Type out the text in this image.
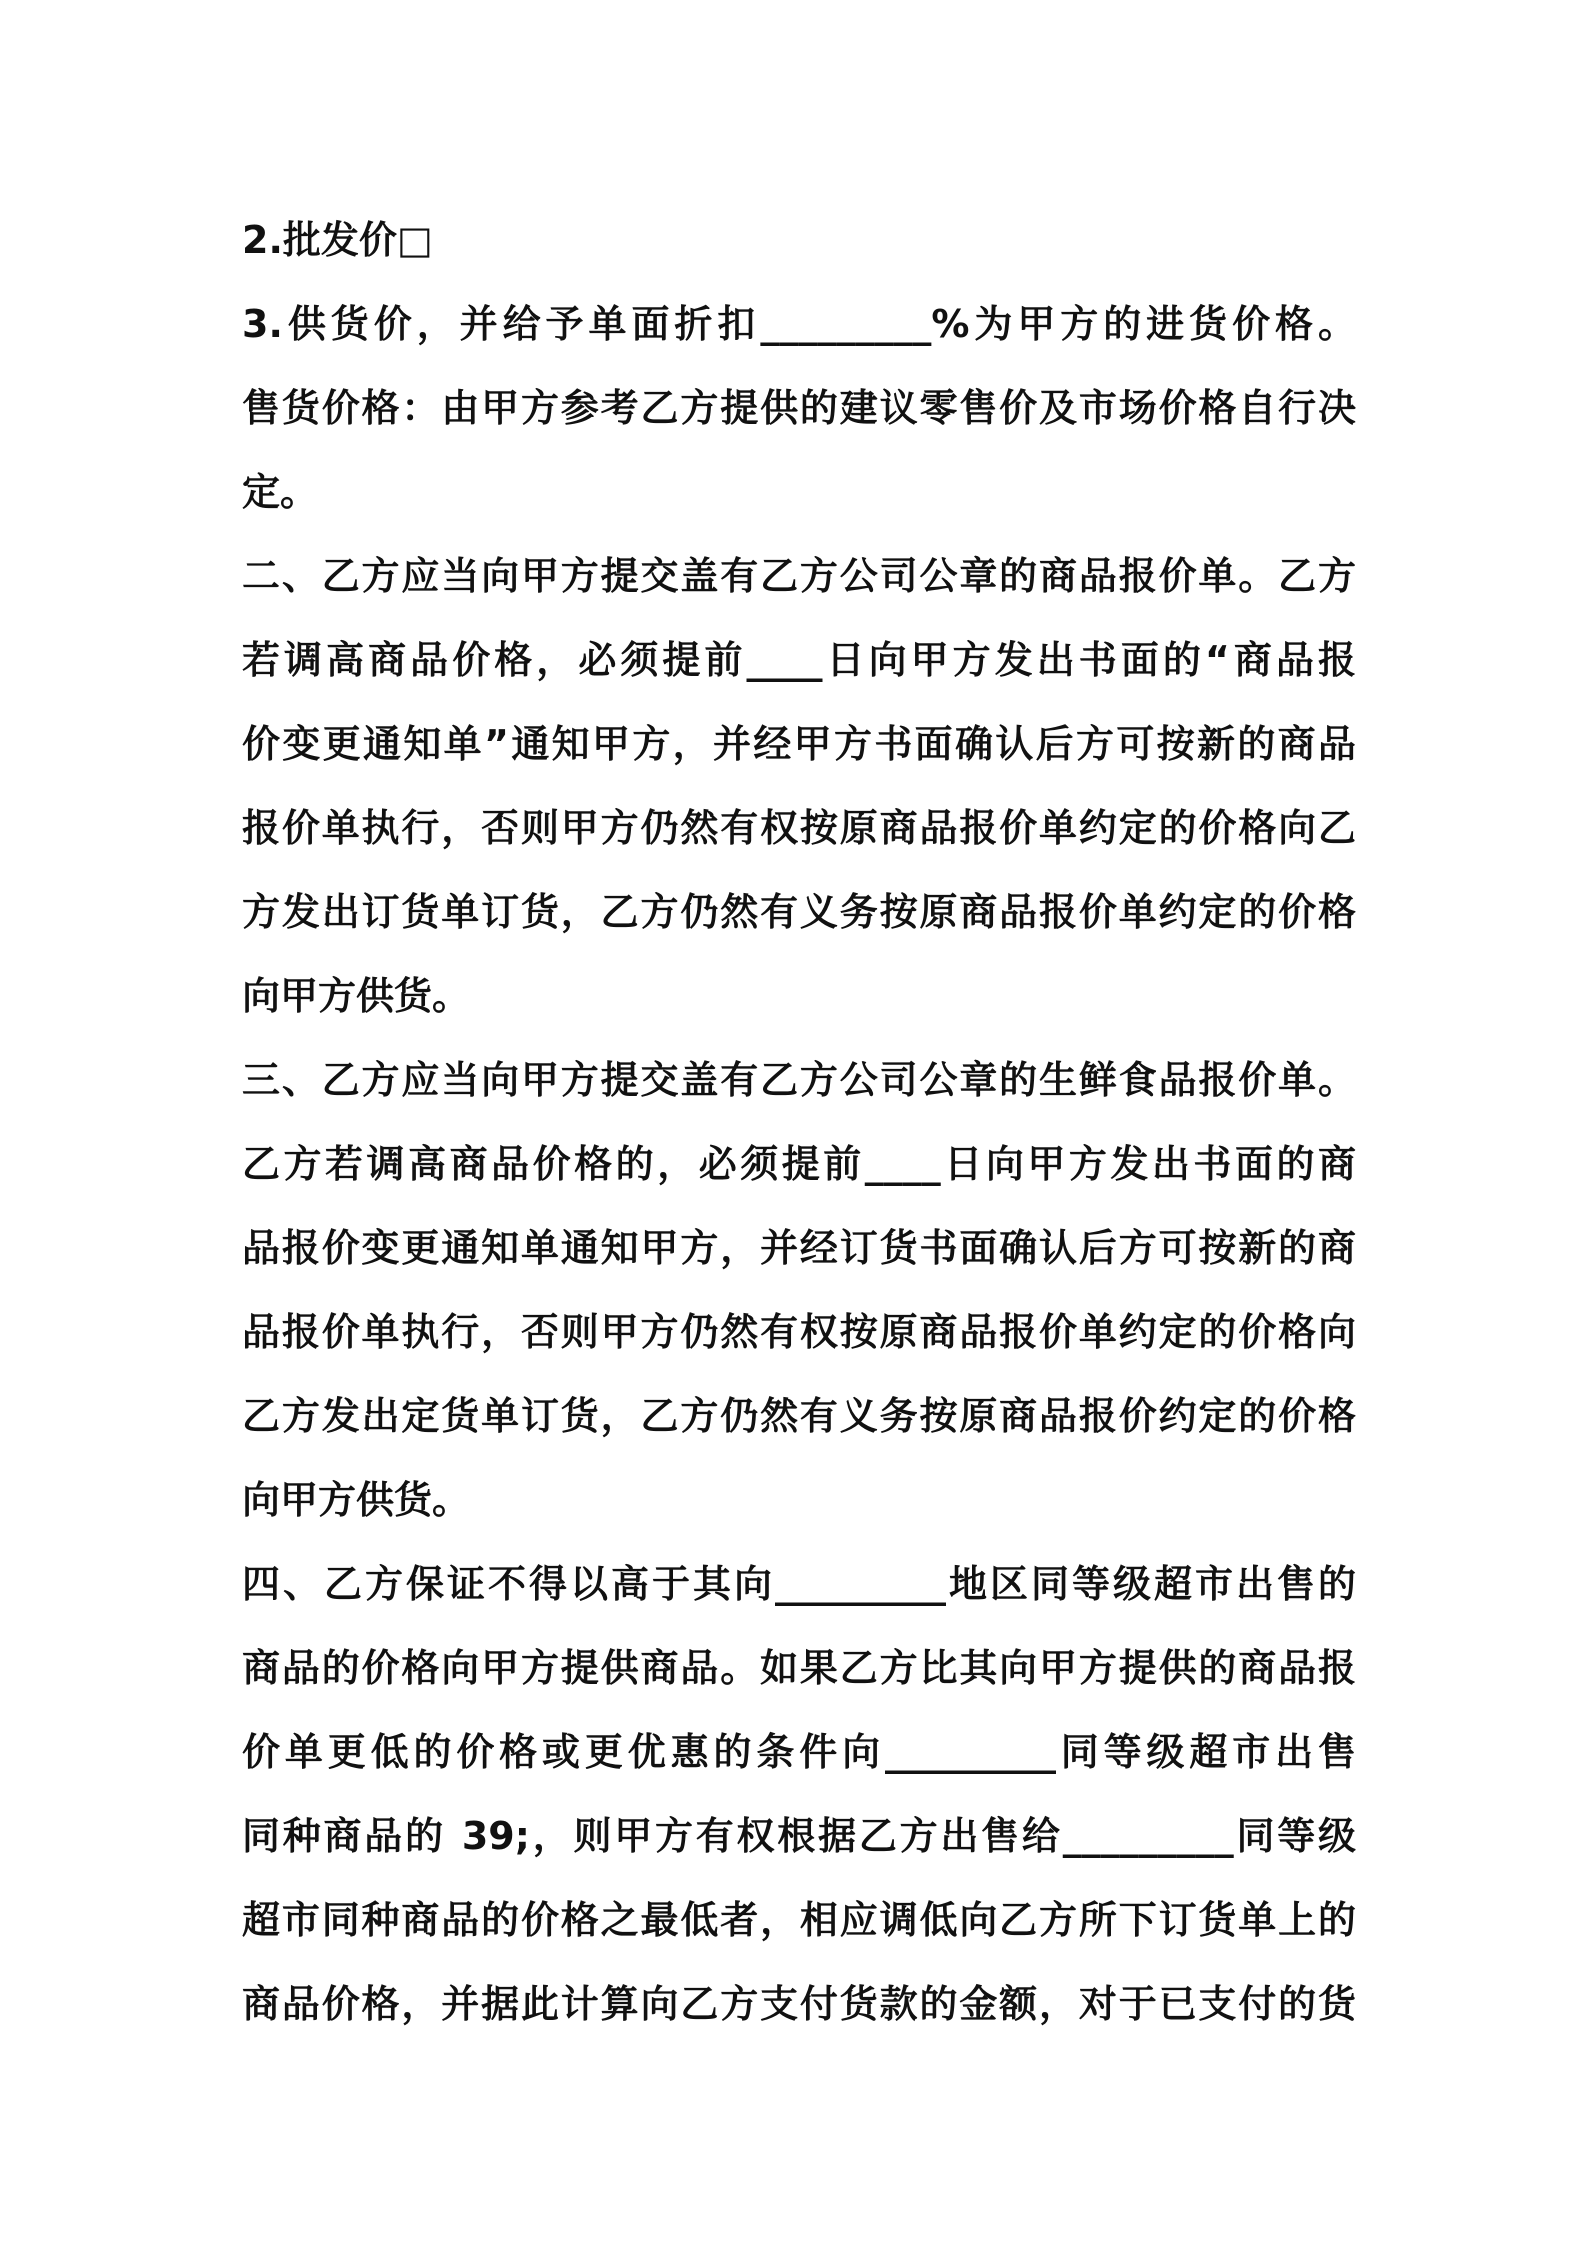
2.批发价□
3.供货价，并给予单面折扣_________%为甲方的进货价格。
售货价格：由甲方参考乙方提供的建议零售价及市场价格自行决
定。
二、乙方应当向甲方提交盖有乙方公司公章的商品报价单。乙方
若调高商品价格，必须提前____日向甲方发出书面的“商品报
价变更通知单”通知甲方，并经甲方书面确认后方可按新的商品
报价单执行，否则甲方仍然有权按原商品报价单约定的价格向乙
方发出订货单订货，乙方仍然有义务按原商品报价单约定的价格
向甲方供货。
三、乙方应当向甲方提交盖有乙方公司公章的生鲜食品报价单。
乙方若调高商品价格的，必须提前____日向甲方发出书面的商
品报价变更通知单通知甲方，并经订货书面确认后方可按新的商
品报价单执行，否则甲方仍然有权按原商品报价单约定的价格向
乙方发出定货单订货，乙方仍然有义务按原商品报价约定的价格
向甲方供货。
四、乙方保证不得以高于其向_________地区同等级超市出售的
商品的价格向甲方提供商品。如果乙方比其向甲方提供的商品报
价单更低的价格或更优惠的条件向_________同等级超市出售
同种商品的 39;，则甲方有权根据乙方出售给_________同等级
超市同种商品的价格之最低者，相应调低向乙方所下订货单上的
商品价格，并据此计算向乙方支付货款的金额，对于已支付的货
